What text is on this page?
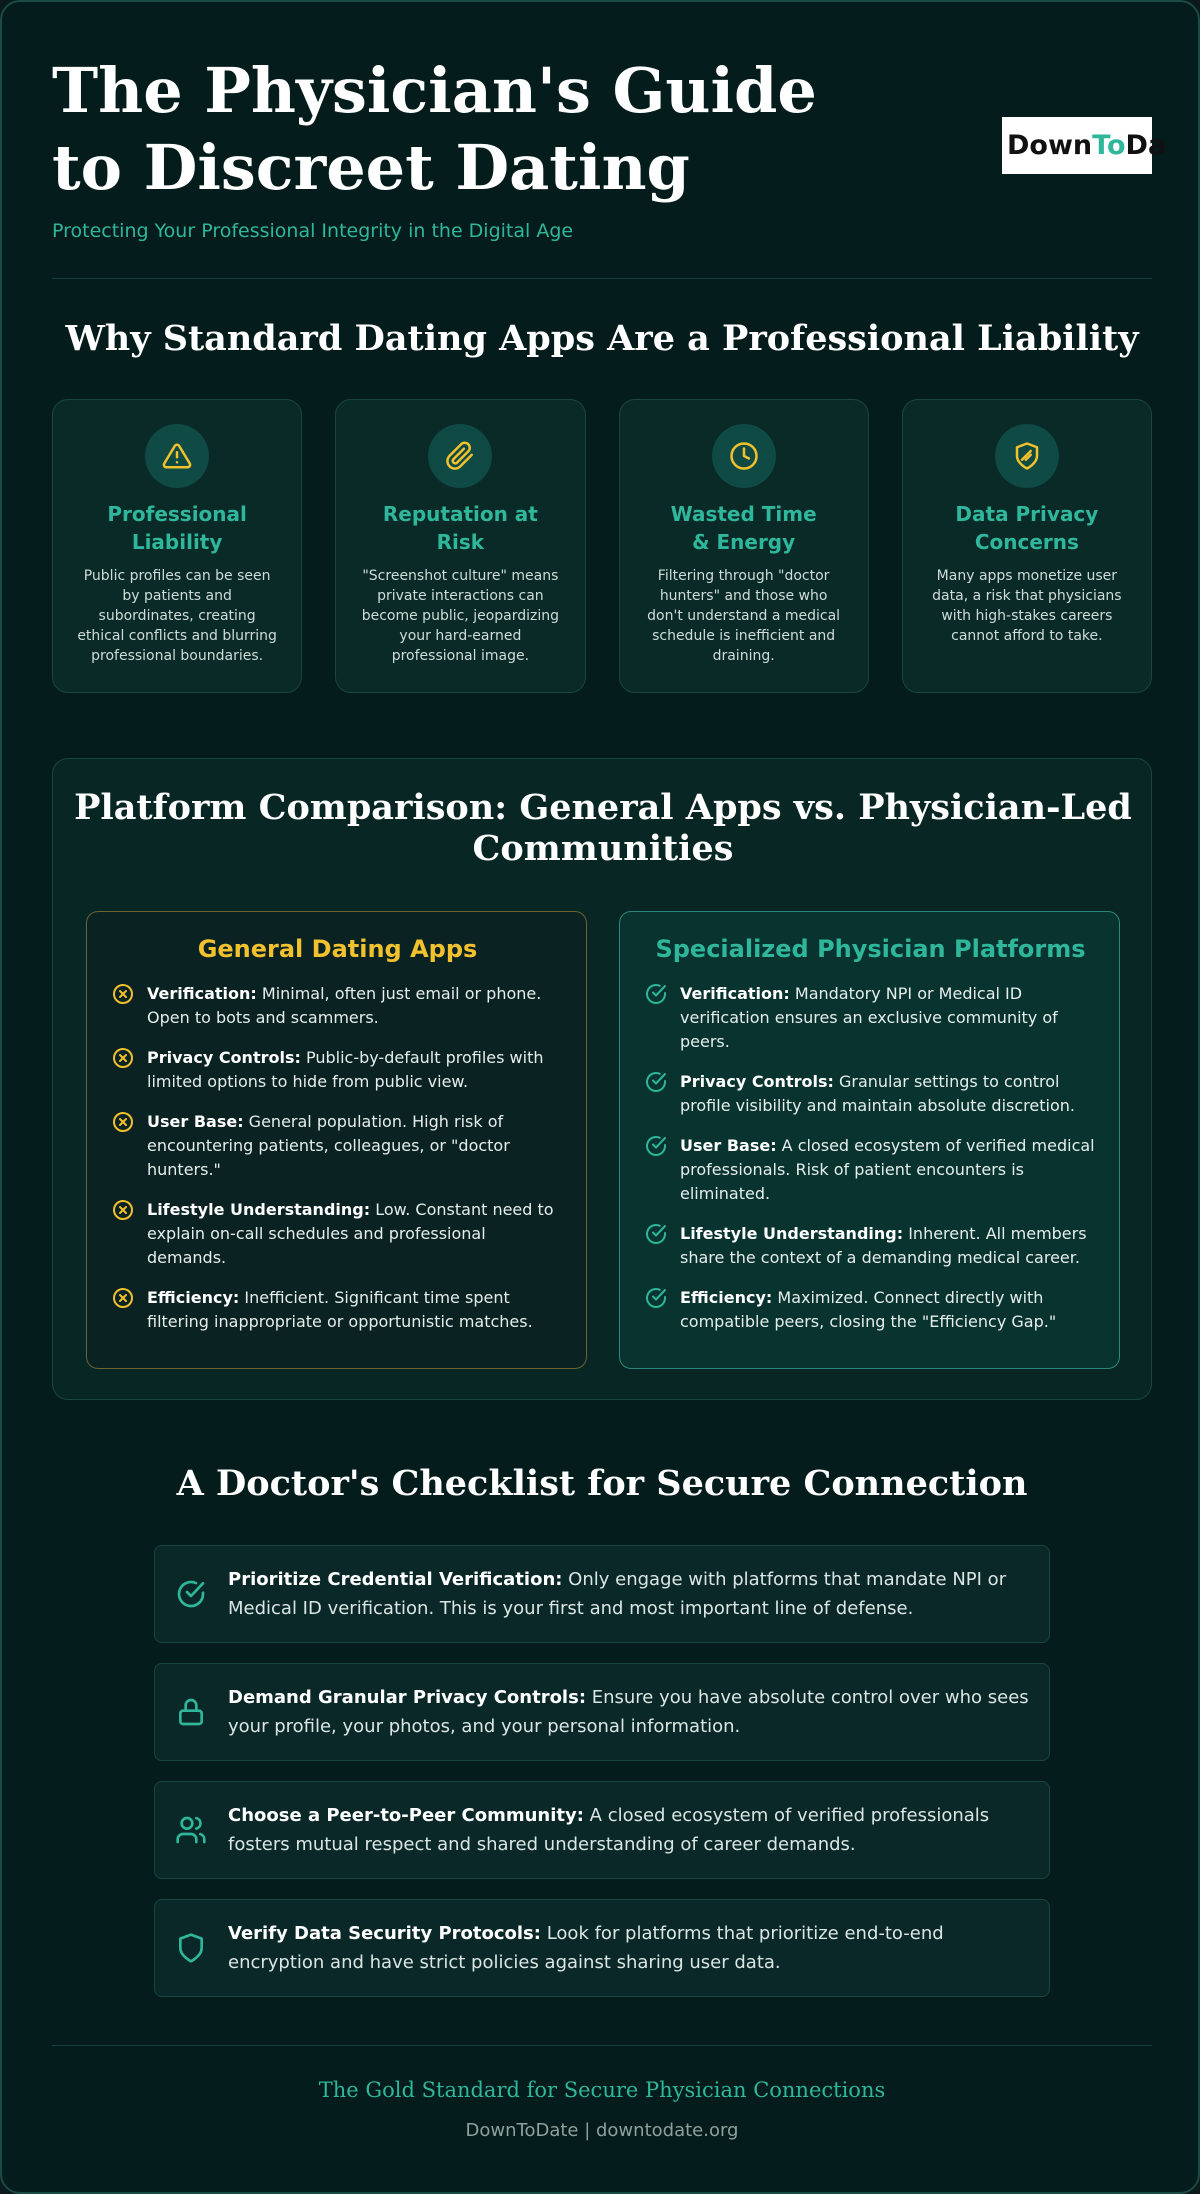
The Physician's Guide to Discreet Dating
Protecting Your Professional Integrity in the Digital Age
Down To Da
Why Standard Dating Apps Are a Professional Liability
Professional Liability
Public profiles can be seen by patients and subordinates, creating ethical conflicts and blurring professional boundaries.
Reputation at Risk
"Screenshot culture" means private interactions can become public, jeopardizing your hard-earned professional image.
Wasted Time & Energy
Filtering through "doctor hunters" and those who don't understand a medical schedule is inefficient and draining.
Data Privacy Concerns
Many apps monetize user data, a risk that physicians with high-stakes careers cannot afford to take.
Platform Comparison: General Apps vs. Physician-Led Communities
General Dating Apps
Verification: Minimal, often just email or phone. Open to bots and scammers.
Privacy Controls: Public-by-default profiles with limited options to hide from public view.
User Base: General population. High risk of encountering patients, colleagues, or "doctor hunters."
Lifestyle Understanding: Low. Constant need to explain on-call schedules and professional demands.
Efficiency: Inefficient. Significant time spent filtering inappropriate or opportunistic matches.
Specialized Physician Platforms
Verification: Mandatory NPI or Medical ID verification ensures an exclusive community of peers.
Privacy Controls: Granular settings to control profile visibility and maintain absolute discretion.
User Base: A closed ecosystem of verified medical professionals. Risk of patient encounters is eliminated.
Lifestyle Understanding: Inherent. All members share the context of a demanding medical career.
Efficiency: Maximized. Connect directly with compatible peers, closing the "Efficiency Gap."
A Doctor's Checklist for Secure Connection
Prioritize Credential Verification: Only engage with platforms that mandate NPI or Medical ID verification. This is your first and most important line of defense.
Demand Granular Privacy Controls: Ensure you have absolute control over who sees your profile, your photos, and your personal information.
Choose a Peer-to-Peer Community: A closed ecosystem of verified professionals fosters mutual respect and shared understanding of career demands.
Verify Data Security Protocols: Look for platforms that prioritize end-to-end encryption and have strict policies against sharing user data.
The Gold Standard for Secure Physician Connections
DownToDate | downtodate.org
